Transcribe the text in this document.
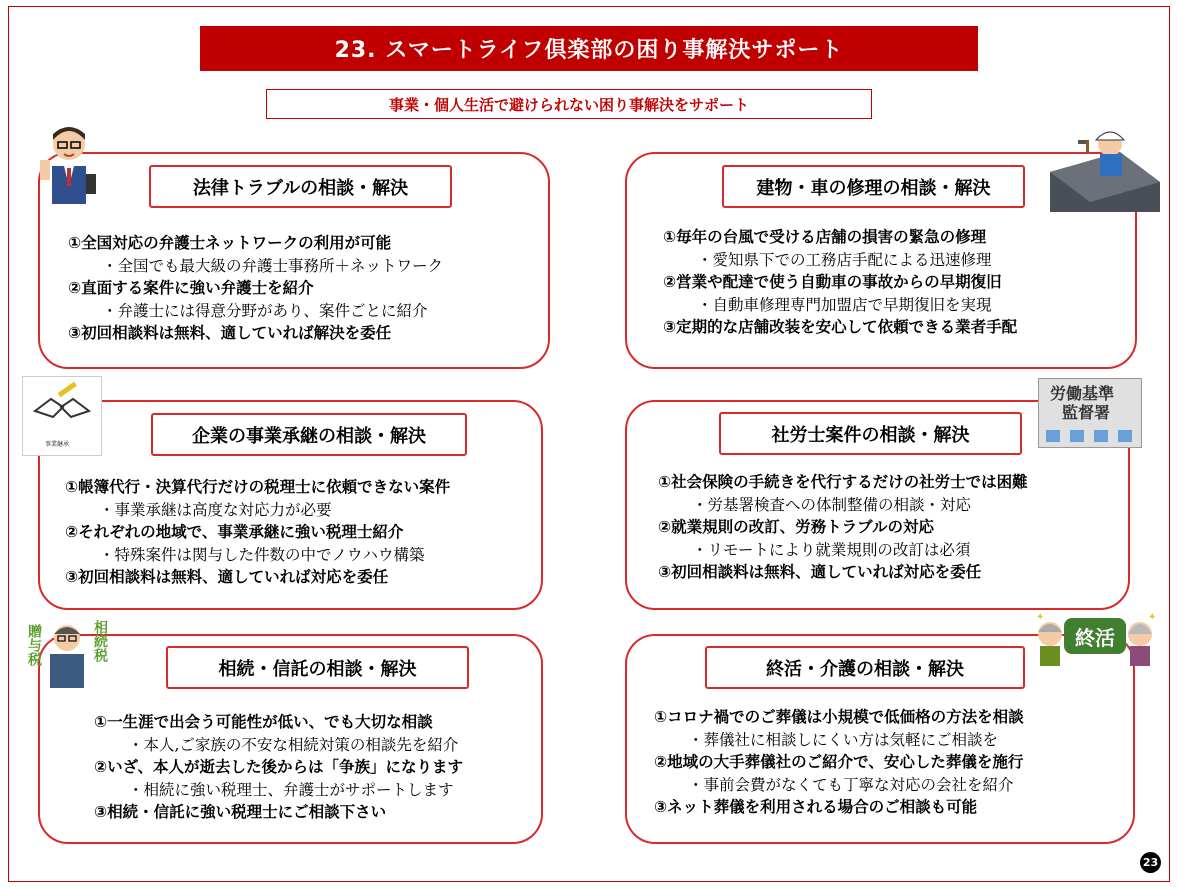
23. スマートライフ倶楽部の困り事解決サポート
事業・個人生活で避けられない困り事解決をサポート
法律トラブルの相談・解決
①全国対応の弁護士ネットワークの利用が可能
・全国でも最大級の弁護士事務所＋ネットワーク
②直面する案件に強い弁護士を紹介
・弁護士には得意分野があり、案件ごとに紹介
③初回相談料は無料、適していれば解決を委任
建物・車の修理の相談・解決
①毎年の台風で受ける店舗の損害の緊急の修理
・愛知県下での工務店手配による迅速修理
②営業や配達で使う自動車の事故からの早期復旧
・自動車修理専門加盟店で早期復旧を実現
③定期的な店舗改装を安心して依頼できる業者手配
企業の事業承継の相談・解決
①帳簿代行・決算代行だけの税理士に依頼できない案件
・事業承継は高度な対応力が必要
②それぞれの地域で、事業承継に強い税理士紹介
・特殊案件は関与した件数の中でノウハウ構築
③初回相談料は無料、適していれば対応を委任
社労士案件の相談・解決
①社会保険の手続きを代行するだけの社労士では困難
・労基署検査への体制整備の相談・対応
②就業規則の改訂、労務トラブルの対応
・リモートにより就業規則の改訂は必須
③初回相談料は無料、適していれば対応を委任
相続・信託の相談・解決
①一生涯で出会う可能性が低い、でも大切な相談
・本人,ご家族の不安な相続対策の相談先を紹介
②いざ、本人が逝去した後からは「争族」になります
・相続に強い税理士、弁護士がサポートします
③相続・信託に強い税理士にご相談下さい
終活・介護の相談・解決
①コロナ禍でのご葬儀は小規模で低価格の方法を相談
・葬儀社に相談しにくい方は気軽にご相談を
②地域の大手葬儀社のご紹介で、安心した葬儀を施行
・事前会費がなくても丁寧な対応の会社を紹介
③ネット葬儀を利用される場合のご相談も可能
事業継承
労働基準
監督署
贈与税	相続税
✦	✦
終活
23
